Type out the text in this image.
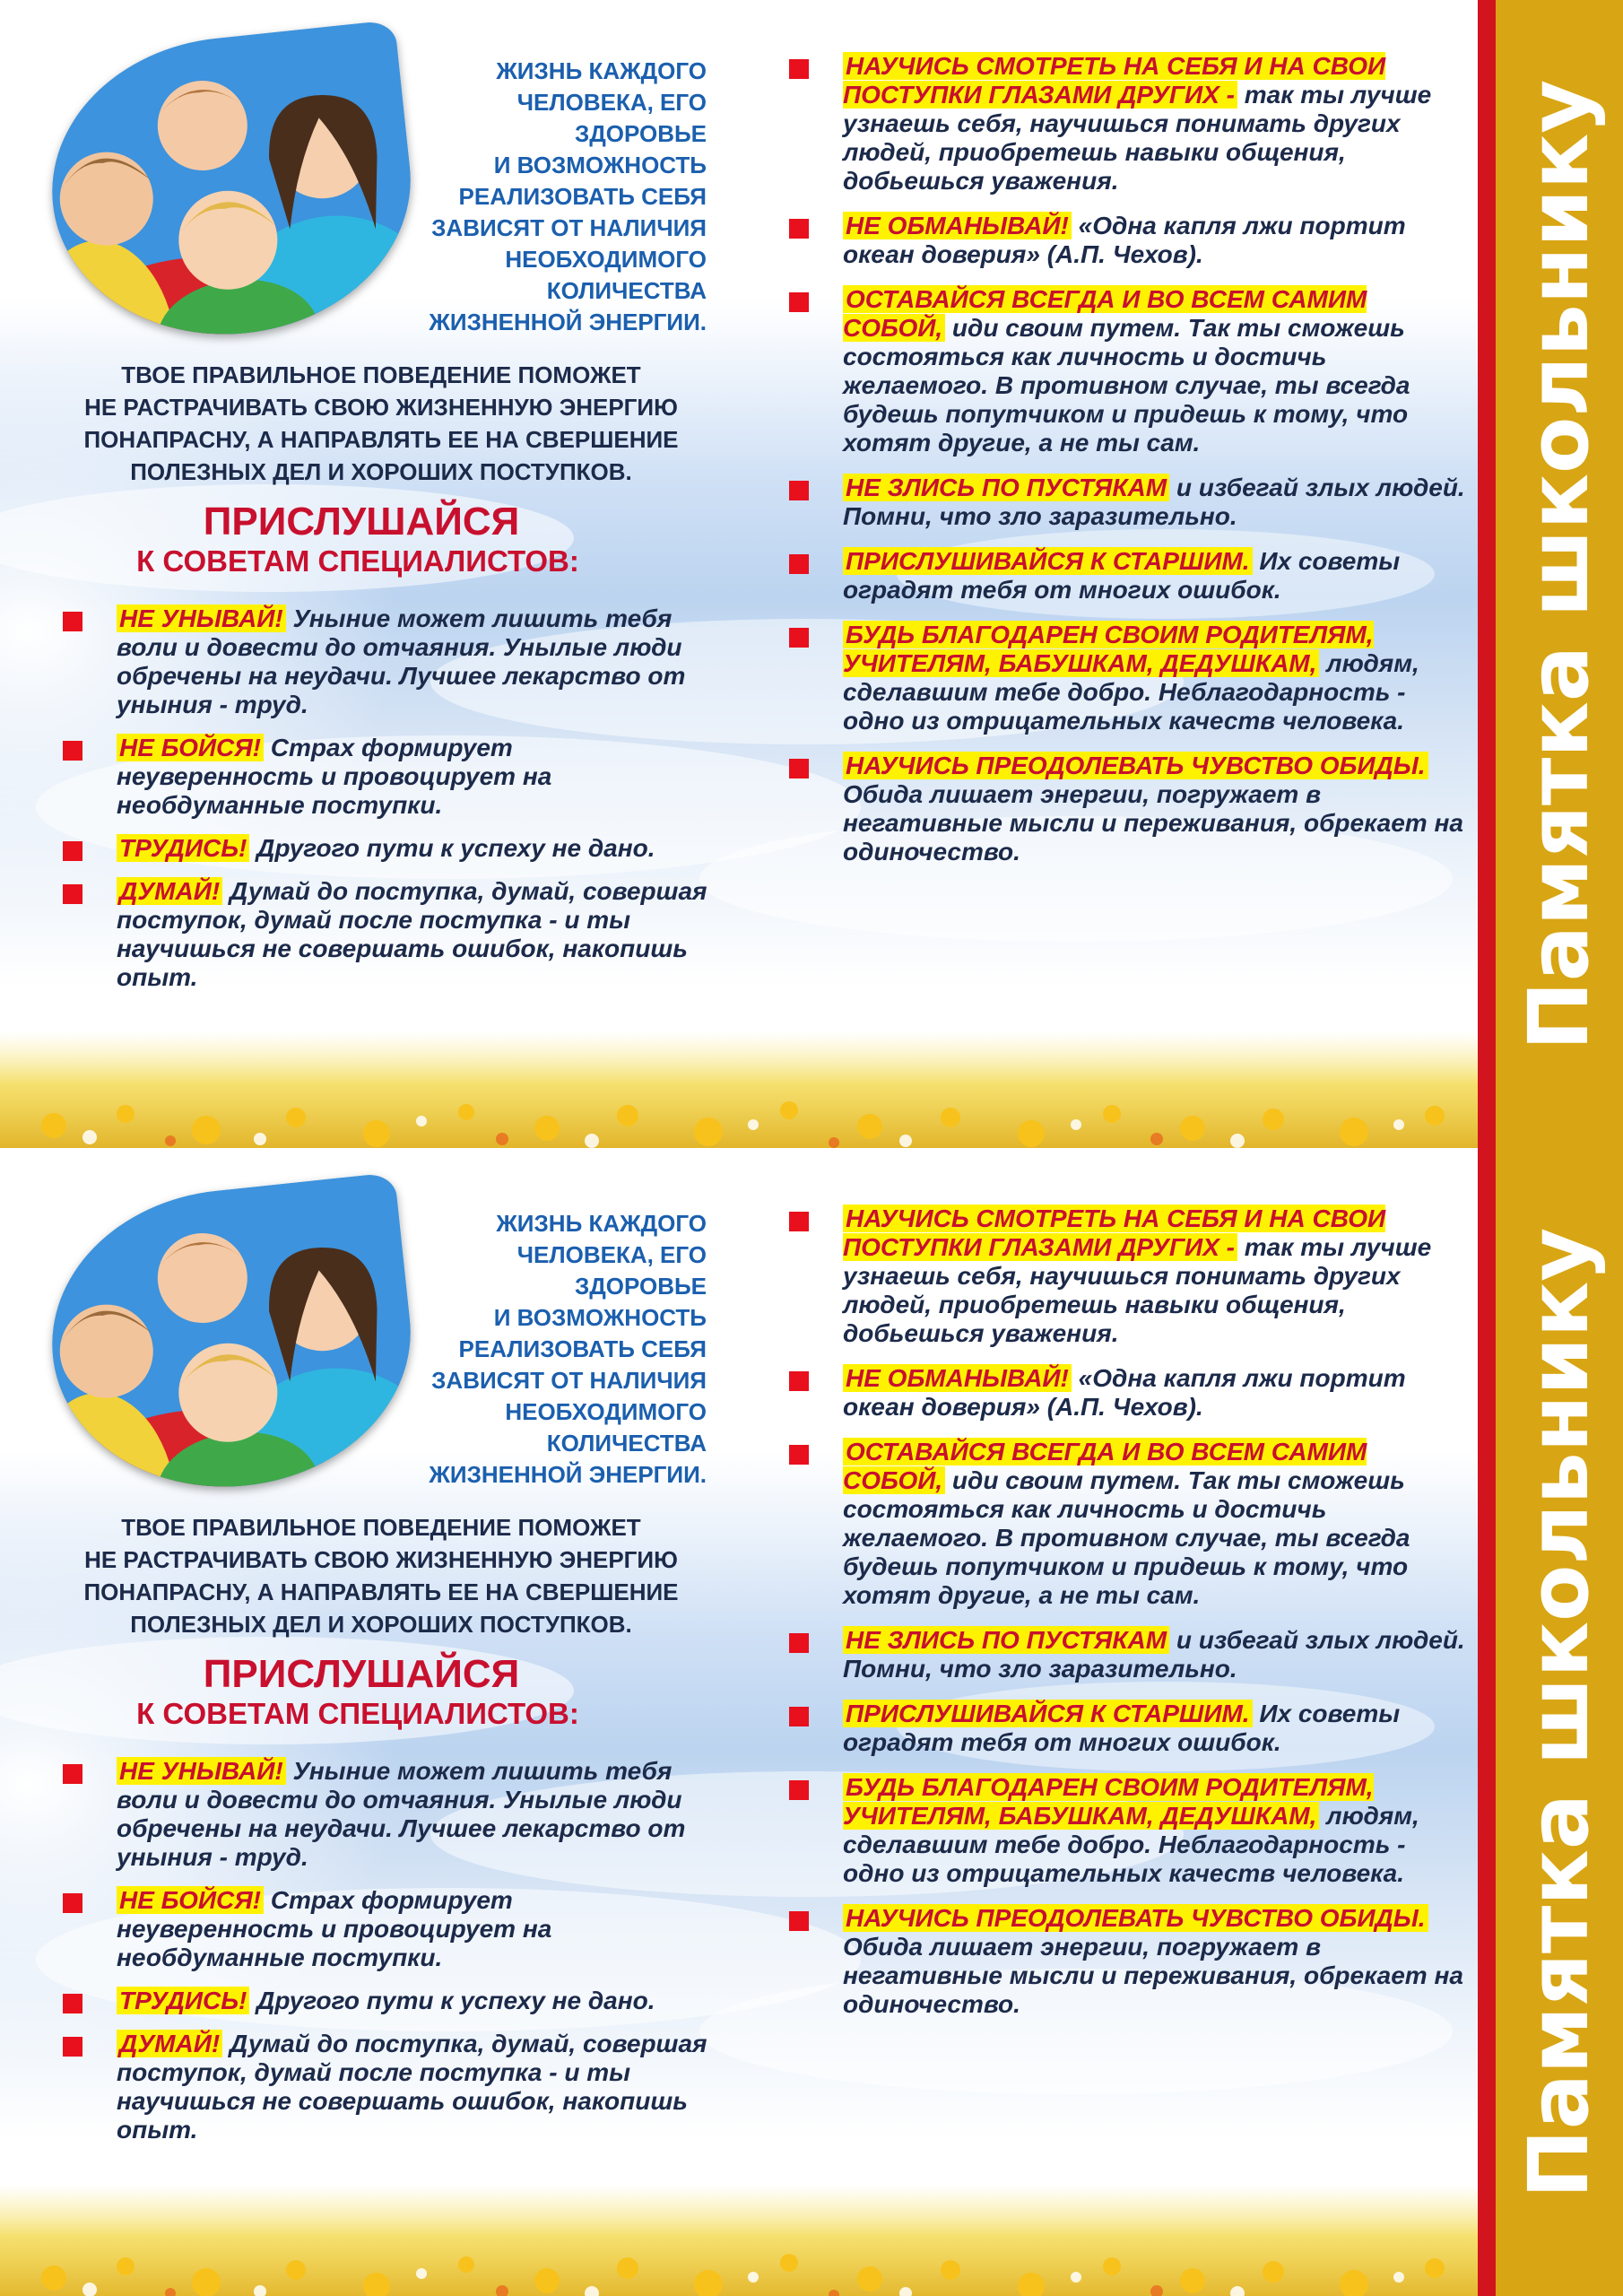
ЖИЗНЬ КАЖДОГО
ЧЕЛОВЕКА, ЕГО
ЗДОРОВЬЕ
И ВОЗМОЖНОСТЬ
РЕАЛИЗОВАТЬ СЕБЯ
ЗАВИСЯТ ОТ НАЛИЧИЯ
НЕОБХОДИМОГО
КОЛИЧЕСТВА
ЖИЗНЕННОЙ ЭНЕРГИИ.
ТВОЕ ПРАВИЛЬНОЕ ПОВЕДЕНИЕ ПОМОЖЕТ
НЕ РАСТРАЧИВАТЬ СВОЮ ЖИЗНЕННУЮ ЭНЕРГИЮ
ПОНАПРАСНУ, А НАПРАВЛЯТЬ ЕЕ НА СВЕРШЕНИЕ
ПОЛЕЗНЫХ ДЕЛ И ХОРОШИХ ПОСТУПКОВ.
ПРИСЛУШАЙСЯ
К СОВЕТАМ СПЕЦИАЛИСТОВ:
НЕ УНЫВАЙ! Уныние может лишить тебя воли и довести до отчаяния. Унылые люди обречены на неудачи. Лучшее лекарство от уныния - труд.
НЕ БОЙСЯ! Страх формирует неуверенность и провоцирует на необдуманные поступки.
ТРУДИСЬ! Другого пути к успеху не дано.
ДУМАЙ! Думай до поступка, думай, совершая поступок, думай после поступка - и ты научишься не совершать ошибок, накопишь опыт.
НАУЧИСЬ СМОТРЕТЬ НА СЕБЯ И НА СВОИ ПОСТУПКИ ГЛАЗАМИ ДРУГИХ - так ты лучше узнаешь себя, научишься понимать других людей, приобретешь навыки общения, добьешься уважения.
НЕ ОБМАНЫВАЙ! «Одна капля лжи портит океан доверия» (А.П. Чехов).
ОСТАВАЙСЯ ВСЕГДА И ВО ВСЕМ САМИМ СОБОЙ, иди своим путем. Так ты сможешь состояться как личность и достичь желаемого. В противном случае, ты всегда будешь попутчиком и придешь к тому, что хотят другие, а не ты сам.
НЕ ЗЛИСЬ ПО ПУСТЯКАМ и избегай злых людей. Помни, что зло заразительно.
ПРИСЛУШИВАЙСЯ К СТАРШИМ. Их советы оградят тебя от многих ошибок.
БУДЬ БЛАГОДАРЕН СВОИМ РОДИТЕЛЯМ, УЧИТЕЛЯМ, БАБУШКАМ, ДЕДУШКАМ, людям, сделавшим тебе добро. Неблагодарность - одно из отрицательных качеств человека.
НАУЧИСЬ ПРЕОДОЛЕВАТЬ ЧУВСТВО ОБИДЫ. Обида лишает энергии, погружает в негативные мысли и переживания, обрекает на одиночество.
ЖИЗНЬ КАЖДОГО
ЧЕЛОВЕКА, ЕГО
ЗДОРОВЬЕ
И ВОЗМОЖНОСТЬ
РЕАЛИЗОВАТЬ СЕБЯ
ЗАВИСЯТ ОТ НАЛИЧИЯ
НЕОБХОДИМОГО
КОЛИЧЕСТВА
ЖИЗНЕННОЙ ЭНЕРГИИ.
ТВОЕ ПРАВИЛЬНОЕ ПОВЕДЕНИЕ ПОМОЖЕТ
НЕ РАСТРАЧИВАТЬ СВОЮ ЖИЗНЕННУЮ ЭНЕРГИЮ
ПОНАПРАСНУ, А НАПРАВЛЯТЬ ЕЕ НА СВЕРШЕНИЕ
ПОЛЕЗНЫХ ДЕЛ И ХОРОШИХ ПОСТУПКОВ.
ПРИСЛУШАЙСЯ
К СОВЕТАМ СПЕЦИАЛИСТОВ:
НЕ УНЫВАЙ! Уныние может лишить тебя воли и довести до отчаяния. Унылые люди обречены на неудачи. Лучшее лекарство от уныния - труд.
НЕ БОЙСЯ! Страх формирует неуверенность и провоцирует на необдуманные поступки.
ТРУДИСЬ! Другого пути к успеху не дано.
ДУМАЙ! Думай до поступка, думай, совершая поступок, думай после поступка - и ты научишься не совершать ошибок, накопишь опыт.
НАУЧИСЬ СМОТРЕТЬ НА СЕБЯ И НА СВОИ ПОСТУПКИ ГЛАЗАМИ ДРУГИХ - так ты лучше узнаешь себя, научишься понимать других людей, приобретешь навыки общения, добьешься уважения.
НЕ ОБМАНЫВАЙ! «Одна капля лжи портит океан доверия» (А.П. Чехов).
ОСТАВАЙСЯ ВСЕГДА И ВО ВСЕМ САМИМ СОБОЙ, иди своим путем. Так ты сможешь состояться как личность и достичь желаемого. В противном случае, ты всегда будешь попутчиком и придешь к тому, что хотят другие, а не ты сам.
НЕ ЗЛИСЬ ПО ПУСТЯКАМ и избегай злых людей. Помни, что зло заразительно.
ПРИСЛУШИВАЙСЯ К СТАРШИМ. Их советы оградят тебя от многих ошибок.
БУДЬ БЛАГОДАРЕН СВОИМ РОДИТЕЛЯМ, УЧИТЕЛЯМ, БАБУШКАМ, ДЕДУШКАМ, людям, сделавшим тебе добро. Неблагодарность - одно из отрицательных качеств человека.
НАУЧИСЬ ПРЕОДОЛЕВАТЬ ЧУВСТВО ОБИДЫ. Обида лишает энергии, погружает в негативные мысли и переживания, обрекает на одиночество.
Памятка школьнику
Памятка школьнику
